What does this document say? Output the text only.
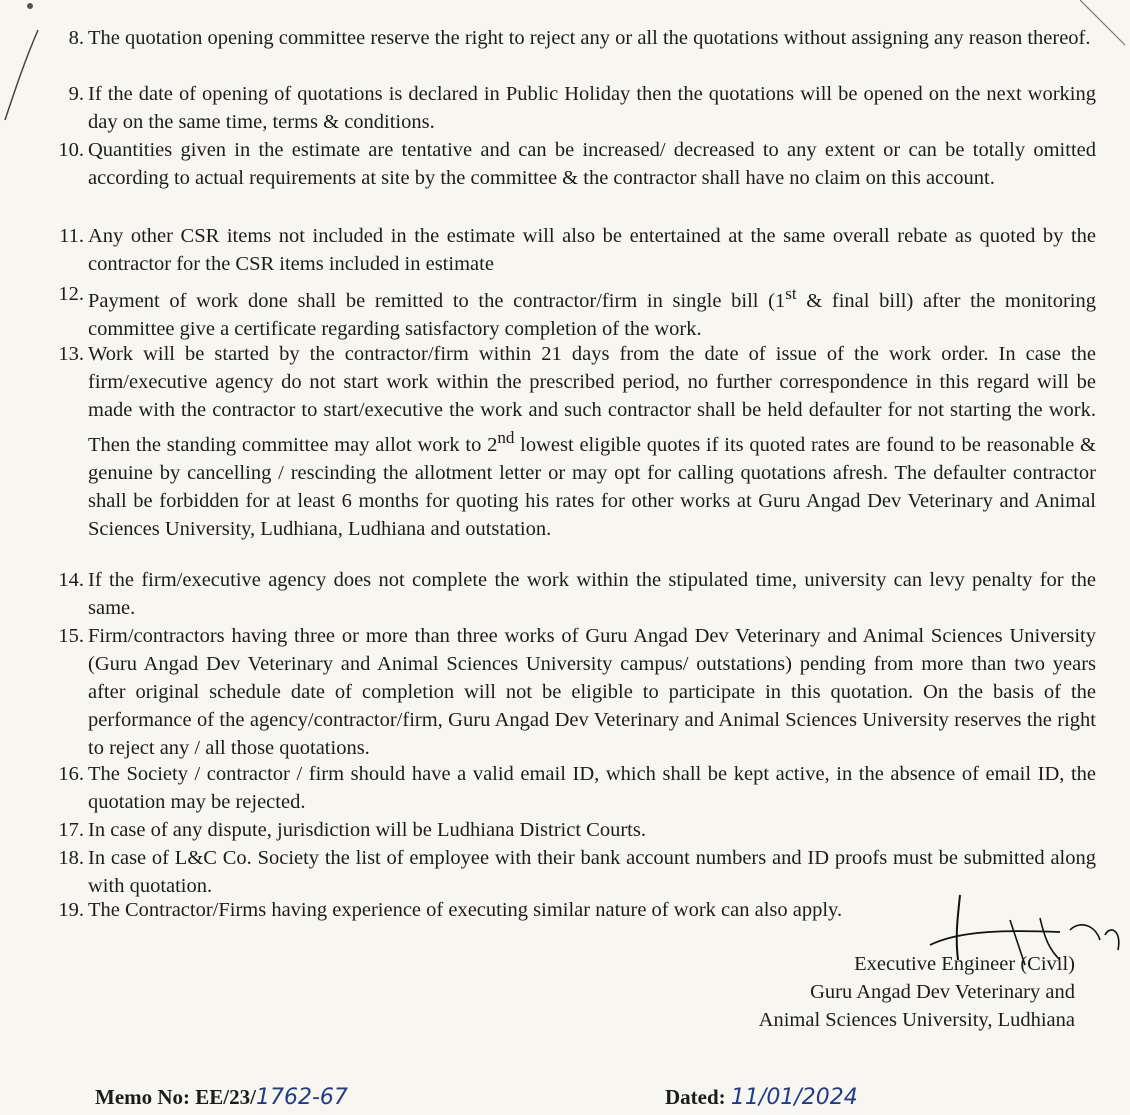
8. The quotation opening committee reserve the right to reject any or all the quotations without assigning any reason thereof.
9. If the date of opening of quotations is declared in Public Holiday then the quotations will be opened on the next working day on the same time, terms & conditions.
10. Quantities given in the estimate are tentative and can be increased/ decreased to any extent or can be totally omitted according to actual requirements at site by the committee & the contractor shall have no claim on this account.
11. Any other CSR items not included in the estimate will also be entertained at the same overall rebate as quoted by the contractor for the CSR items included in estimate
12. Payment of work done shall be remitted to the contractor/firm in single bill (1st & final bill) after the monitoring committee give a certificate regarding satisfactory completion of the work.
13. Work will be started by the contractor/firm within 21 days from the date of issue of the work order. In case the firm/executive agency do not start work within the prescribed period, no further correspondence in this regard will be made with the contractor to start/executive the work and such contractor shall be held defaulter for not starting the work. Then the standing committee may allot work to 2nd lowest eligible quotes if its quoted rates are found to be reasonable & genuine by cancelling / rescinding the allotment letter or may opt for calling quotations afresh. The defaulter contractor shall be forbidden for at least 6 months for quoting his rates for other works at Guru Angad Dev Veterinary and Animal Sciences University, Ludhiana, Ludhiana and outstation.
14. If the firm/executive agency does not complete the work within the stipulated time, university can levy penalty for the same.
15. Firm/contractors having three or more than three works of Guru Angad Dev Veterinary and Animal Sciences University (Guru Angad Dev Veterinary and Animal Sciences University campus/ outstations) pending from more than two years after original schedule date of completion will not be eligible to participate in this quotation. On the basis of the performance of the agency/contractor/firm, Guru Angad Dev Veterinary and Animal Sciences University reserves the right to reject any / all those quotations.
16. The Society / contractor / firm should have a valid email ID, which shall be kept active, in the absence of email ID, the quotation may be rejected.
17. In case of any dispute, jurisdiction will be Ludhiana District Courts.
18. In case of L&C Co. Society the list of employee with their bank account numbers and ID proofs must be submitted along with quotation.
19. The Contractor/Firms having experience of executing similar nature of work can also apply.
Executive Engineer (Civil)
Guru Angad Dev Veterinary and
Animal Sciences University, Ludhiana
Memo No: EE/23/1762-67	Dated: 11/01/2024
